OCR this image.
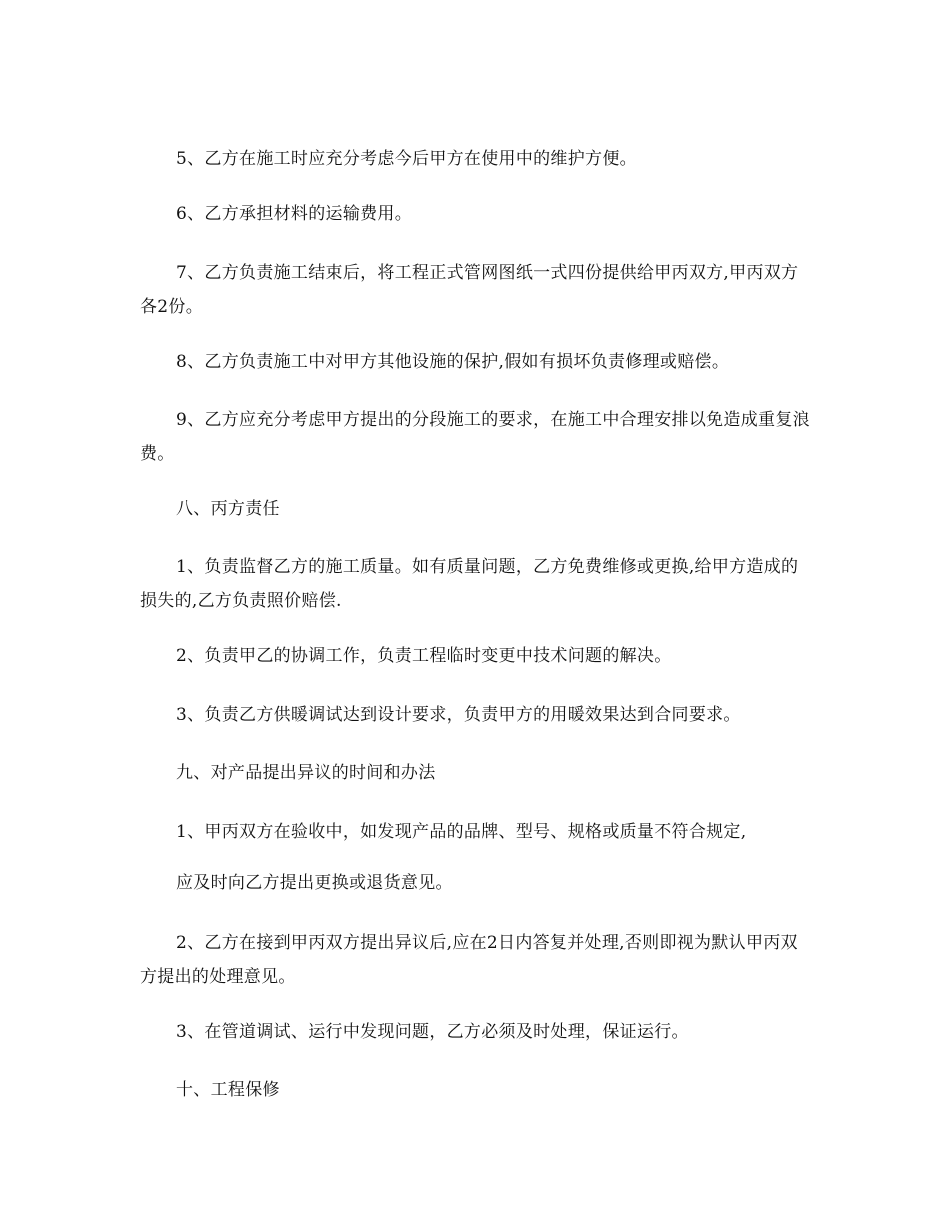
5、乙方在施工时应充分考虑今后甲方在使用中的维护方便。

6、乙方承担材料的运输费用。

7、乙方负责施工结束后，将工程正式管网图纸一式四份提供给甲丙双方,甲丙双方各2份。

8、乙方负责施工中对甲方其他设施的保护,假如有损坏负责修理或赔偿。

9、乙方应充分考虑甲方提出的分段施工的要求，在施工中合理安排以免造成重复浪费。

八、丙方责任

1、负责监督乙方的施工质量。如有质量问题，乙方免费维修或更换,给甲方造成的损失的,乙方负责照价赔偿.

2、负责甲乙的协调工作，负责工程临时变更中技术问题的解决。

3、负责乙方供暖调试达到设计要求，负责甲方的用暖效果达到合同要求。

九、对产品提出异议的时间和办法

1、甲丙双方在验收中，如发现产品的品牌、型号、规格或质量不符合规定,

应及时向乙方提出更换或退货意见。

2、乙方在接到甲丙双方提出异议后,应在2日内答复并处理,否则即视为默认甲丙双方提出的处理意见。

3、在管道调试、运行中发现问题，乙方必须及时处理，保证运行。

十、工程保修
